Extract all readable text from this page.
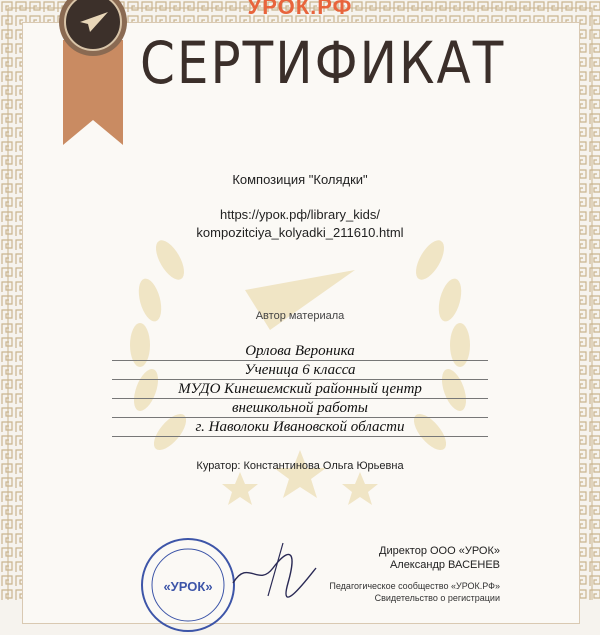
УРОК.РФ
СЕРТИФИКАТ
Композиция "Колядки"
https://урок.рф/library_kids/
kompozitciya_kolyadki_211610.html
Автор материала
Орлова Вероника
Ученица 6 класса
МУДО Кинешемский районный центр
внешкольной работы
г. Наволоки Ивановской области
Куратор: Константинова Ольга Юрьевна
«УРОК»
Директор ООО «УРОК»
Александр ВАСЕНЕВ
Педагогическое сообщество «УРОК.РФ»
Свидетельство о регистрации
